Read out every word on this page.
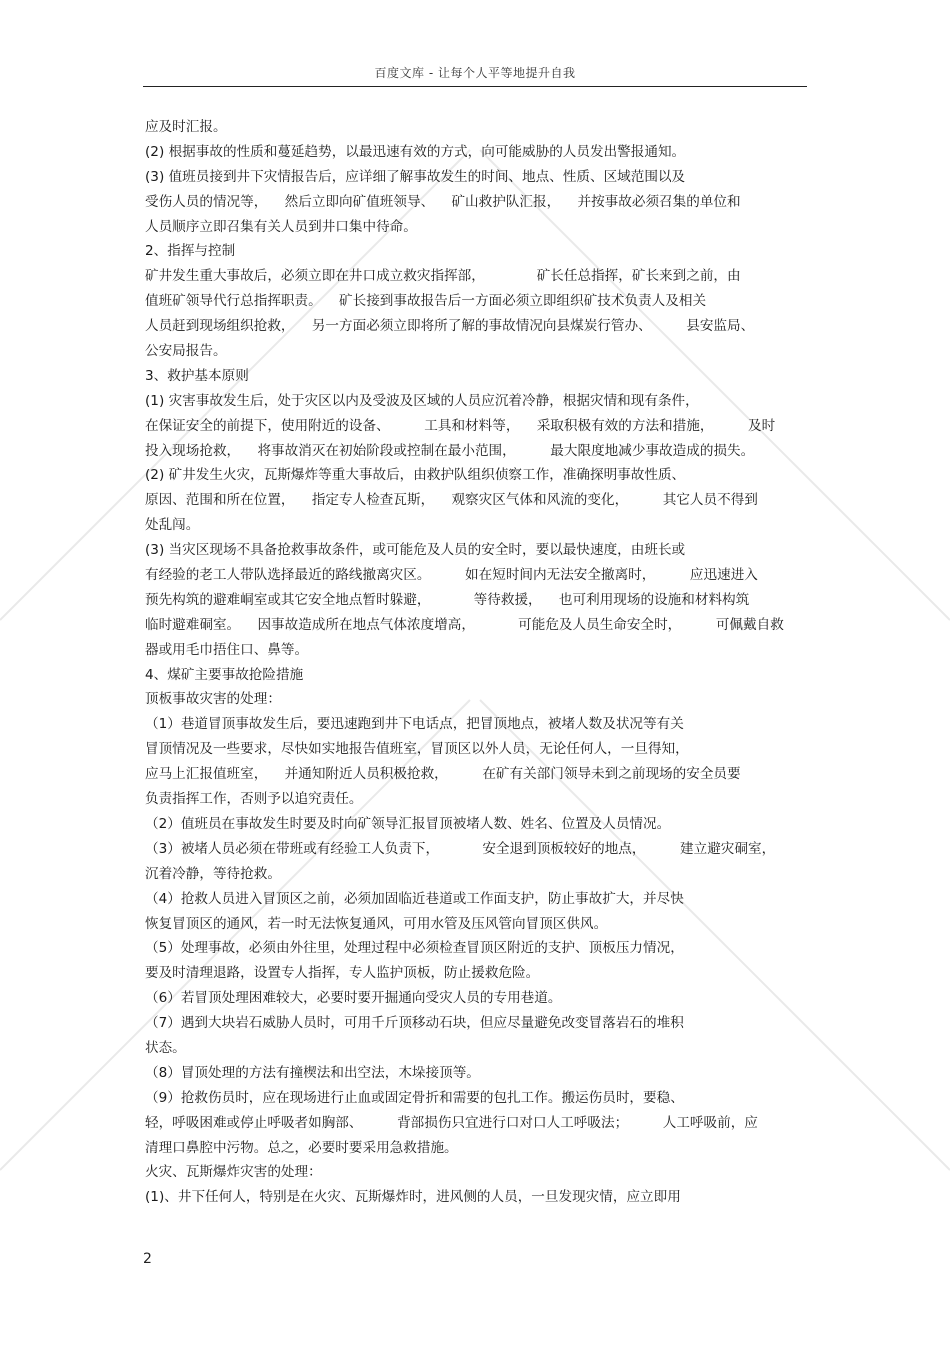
百度文库 - 让每个人平等地提升自我
应及时汇报。
(2) 根据事故的性质和蔓延趋势，以最迅速有效的方式，向可能威胁的人员发出警报通知。
(3) 值班员接到井下灾情报告后，应详细了解事故发生的时间、地点、性质、区域范围以及
受伤人员的情况等，    然后立即向矿值班领导、    矿山救护队汇报，    并按事故必须召集的单位和
人员顺序立即召集有关人员到井口集中待命。
2、指挥与控制
矿井发生重大事故后，必须立即在井口成立救灾指挥部，            矿长任总指挥，矿长来到之前，由
值班矿领导代行总指挥职责。    矿长接到事故报告后一方面必须立即组织矿技术负责人及相关
人员赶到现场组织抢救，    另一方面必须立即将所了解的事故情况向县煤炭行管办、        县安监局、
公安局报告。
3、救护基本原则
(1) 灾害事故发生后，处于灾区以内及受波及区域的人员应沉着冷静，根据灾情和现有条件，
在保证安全的前提下，使用附近的设备、        工具和材料等，    采取积极有效的方法和措施，        及时
投入现场抢救，    将事故消灭在初始阶段或控制在最小范围，        最大限度地减少事故造成的损失。
(2) 矿井发生火灾，瓦斯爆炸等重大事故后，由救护队组织侦察工作，准确探明事故性质、
原因、范围和所在位置，    指定专人检查瓦斯，    观察灾区气体和风流的变化，        其它人员不得到
处乱闯。
(3) 当灾区现场不具备抢救事故条件，或可能危及人员的安全时，要以最快速度，由班长或
有经验的老工人带队选择最近的路线撤离灾区。        如在短时间内无法安全撤离时，        应迅速进入
预先构筑的避难峒室或其它安全地点暂时躲避，          等待救援，    也可利用现场的设施和材料构筑
临时避难硐室。    因事故造成所在地点气体浓度增高，          可能危及人员生命安全时，        可佩戴自救
器或用毛巾捂住口、鼻等。
4、煤矿主要事故抢险措施
顶板事故灾害的处理：
（1）巷道冒顶事故发生后，要迅速跑到井下电话点，把冒顶地点，被堵人数及状况等有关
冒顶情况及一些要求，尽快如实地报告值班室，冒顶区以外人员，无论任何人，一旦得知，
应马上汇报值班室，    并通知附近人员积极抢救，        在矿有关部门领导未到之前现场的安全员要
负责指挥工作，否则予以追究责任。
（2）值班员在事故发生时要及时向矿领导汇报冒顶被堵人数、姓名、位置及人员情况。
（3）被堵人员必须在带班或有经验工人负责下，          安全退到顶板较好的地点，        建立避灾硐室，
沉着冷静，等待抢救。
（4）抢救人员进入冒顶区之前，必须加固临近巷道或工作面支护，防止事故扩大，并尽快
恢复冒顶区的通风，若一时无法恢复通风，可用水管及压风管向冒顶区供风。
（5）处理事故，必须由外往里，处理过程中必须检查冒顶区附近的支护、顶板压力情况，
要及时清理退路，设置专人指挥，专人监护顶板，防止援救危险。
（6）若冒顶处理困难较大，必要时要开掘通向受灾人员的专用巷道。
（7）遇到大块岩石威胁人员时，可用千斤顶移动石块，但应尽量避免改变冒落岩石的堆积
状态。
（8）冒顶处理的方法有撞楔法和出空法，木垛接顶等。
（9）抢救伤员时，应在现场进行止血或固定骨折和需要的包扎工作。搬运伤员时，要稳、
轻，呼吸困难或停止呼吸者如胸部、        背部损伤只宜进行口对口人工呼吸法；        人工呼吸前，应
清理口鼻腔中污物。总之，必要时要采用急救措施。
火灾、瓦斯爆炸灾害的处理：
(1)、井下任何人，特别是在火灾、瓦斯爆炸时，进风侧的人员，一旦发现灾情，应立即用
2
